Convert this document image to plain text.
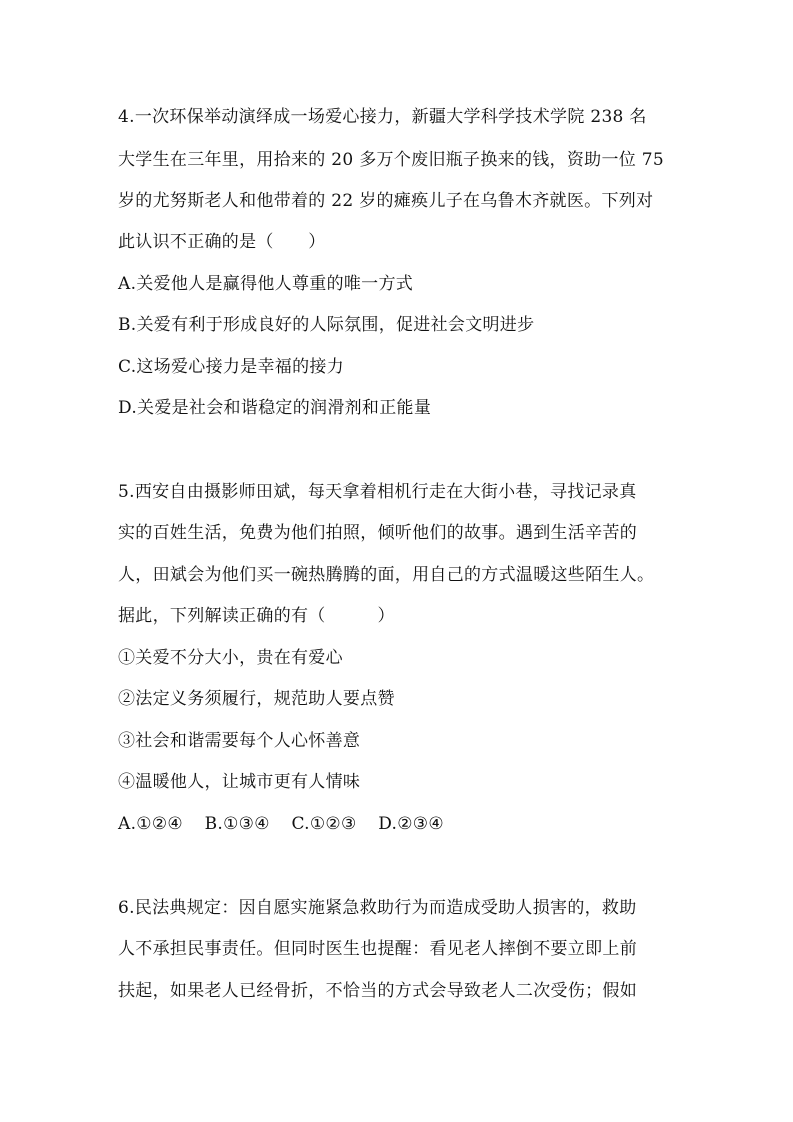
4.一次环保举动演绎成一场爱心接力，新疆大学科学技术学院 238 名
大学生在三年里，用拾来的 20 多万个废旧瓶子换来的钱，资助一位 75
岁的尤努斯老人和他带着的 22 岁的瘫痪儿子在乌鲁木齐就医。下列对
此认识不正确的是（　　）
A.关爱他人是赢得他人尊重的唯一方式
B.关爱有利于形成良好的人际氛围，促进社会文明进步
C.这场爱心接力是幸福的接力
D.关爱是社会和谐稳定的润滑剂和正能量
5.西安自由摄影师田斌，每天拿着相机行走在大街小巷，寻找记录真
实的百姓生活，免费为他们拍照，倾听他们的故事。遇到生活辛苦的
人，田斌会为他们买一碗热腾腾的面，用自己的方式温暖这些陌生人。
据此，下列解读正确的有（　　　）
①关爱不分大小，贵在有爱心
②法定义务须履行，规范助人要点赞
③社会和谐需要每个人心怀善意
④温暖他人，让城市更有人情味
A.①②④ B.①③④ C.①②③ D.②③④
6.民法典规定：因自愿实施紧急救助行为而造成受助人损害的，救助
人不承担民事责任。但同时医生也提醒：看见老人摔倒不要立即上前
扶起，如果老人已经骨折，不恰当的方式会导致老人二次受伤；假如
